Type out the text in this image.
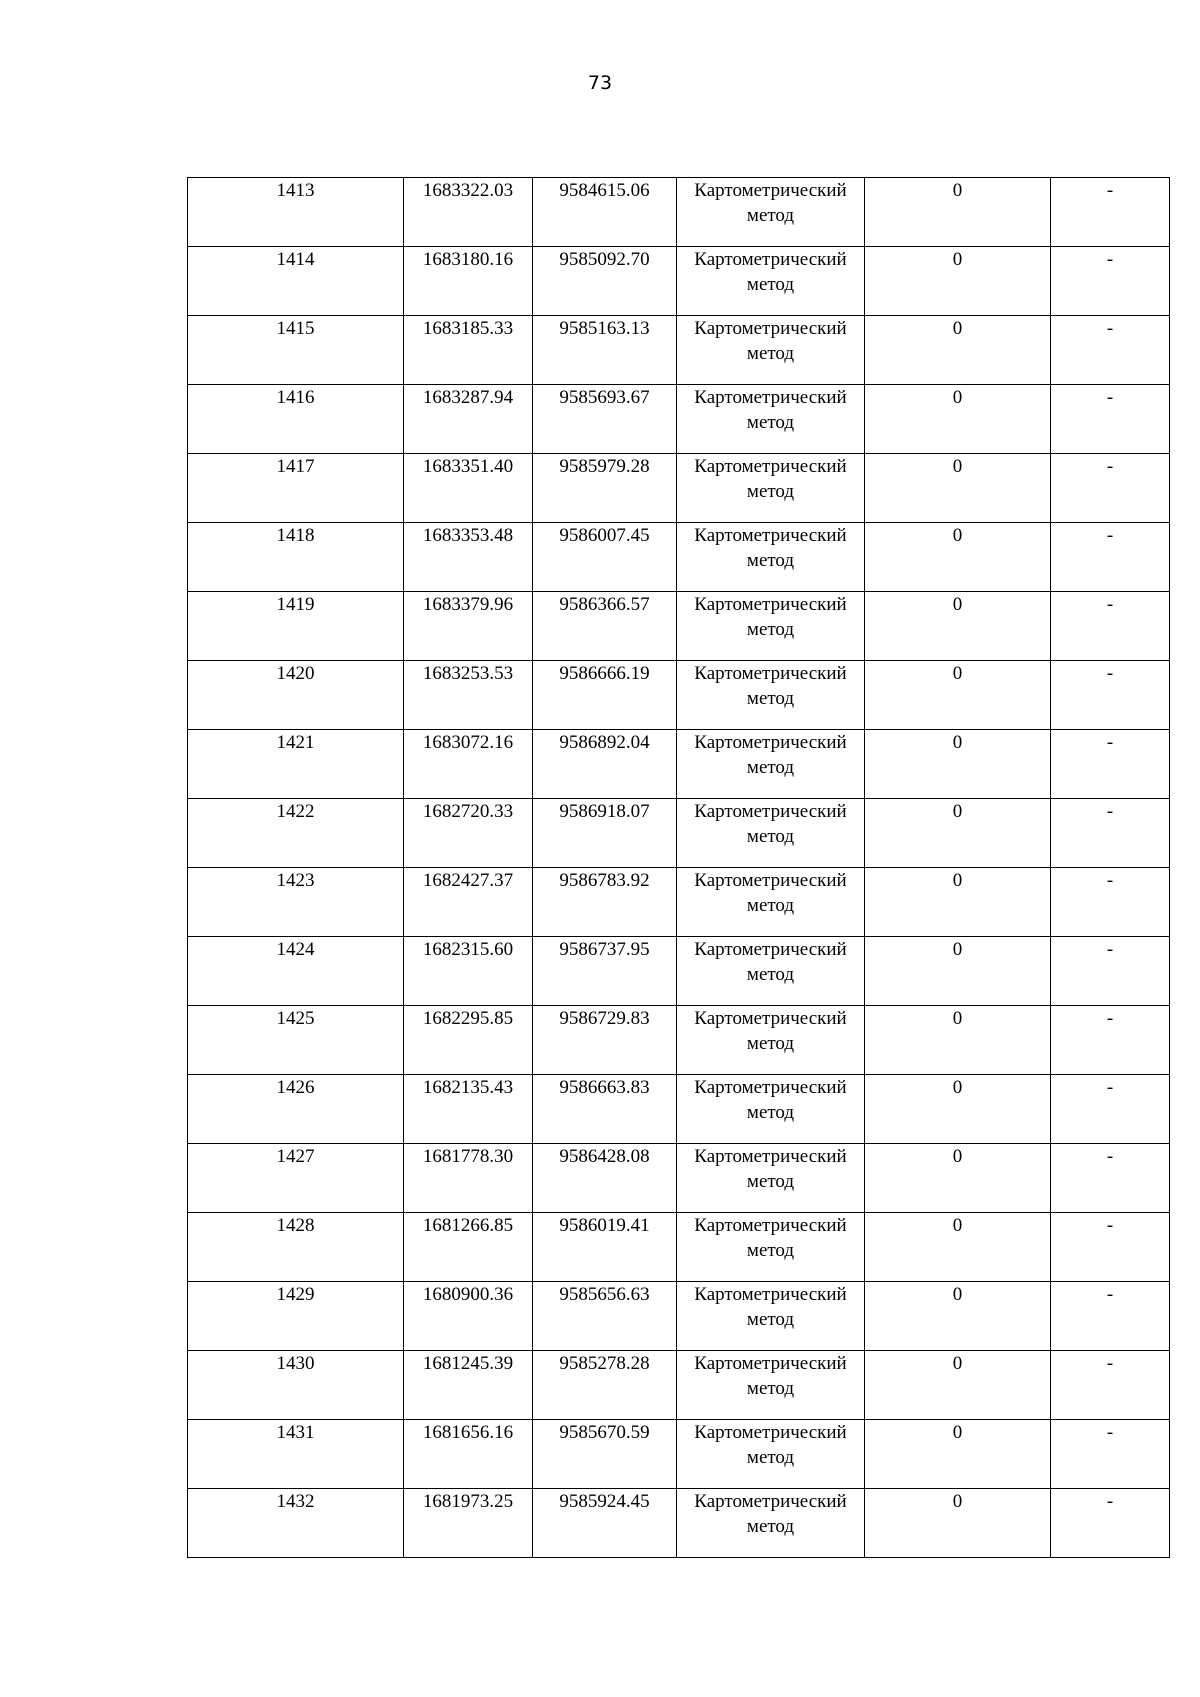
73
1413	1683322.03	9584615.06	Картометрический метод	0	-

1414	1683180.16	9585092.70	Картометрический метод	0	-

1415	1683185.33	9585163.13	Картометрический метод	0	-

1416	1683287.94	9585693.67	Картометрический метод	0	-

1417	1683351.40	9585979.28	Картометрический метод	0	-

1418	1683353.48	9586007.45	Картометрический метод	0	-

1419	1683379.96	9586366.57	Картометрический метод	0	-

1420	1683253.53	9586666.19	Картометрический метод	0	-

1421	1683072.16	9586892.04	Картометрический метод	0	-

1422	1682720.33	9586918.07	Картометрический метод	0	-

1423	1682427.37	9586783.92	Картометрический метод	0	-

1424	1682315.60	9586737.95	Картометрический метод	0	-

1425	1682295.85	9586729.83	Картометрический метод	0	-

1426	1682135.43	9586663.83	Картометрический метод	0	-

1427	1681778.30	9586428.08	Картометрический метод	0	-

1428	1681266.85	9586019.41	Картометрический метод	0	-

1429	1680900.36	9585656.63	Картометрический метод	0	-

1430	1681245.39	9585278.28	Картометрический метод	0	-

1431	1681656.16	9585670.59	Картометрический метод	0	-

1432	1681973.25	9585924.45	Картометрический метод	0	-
